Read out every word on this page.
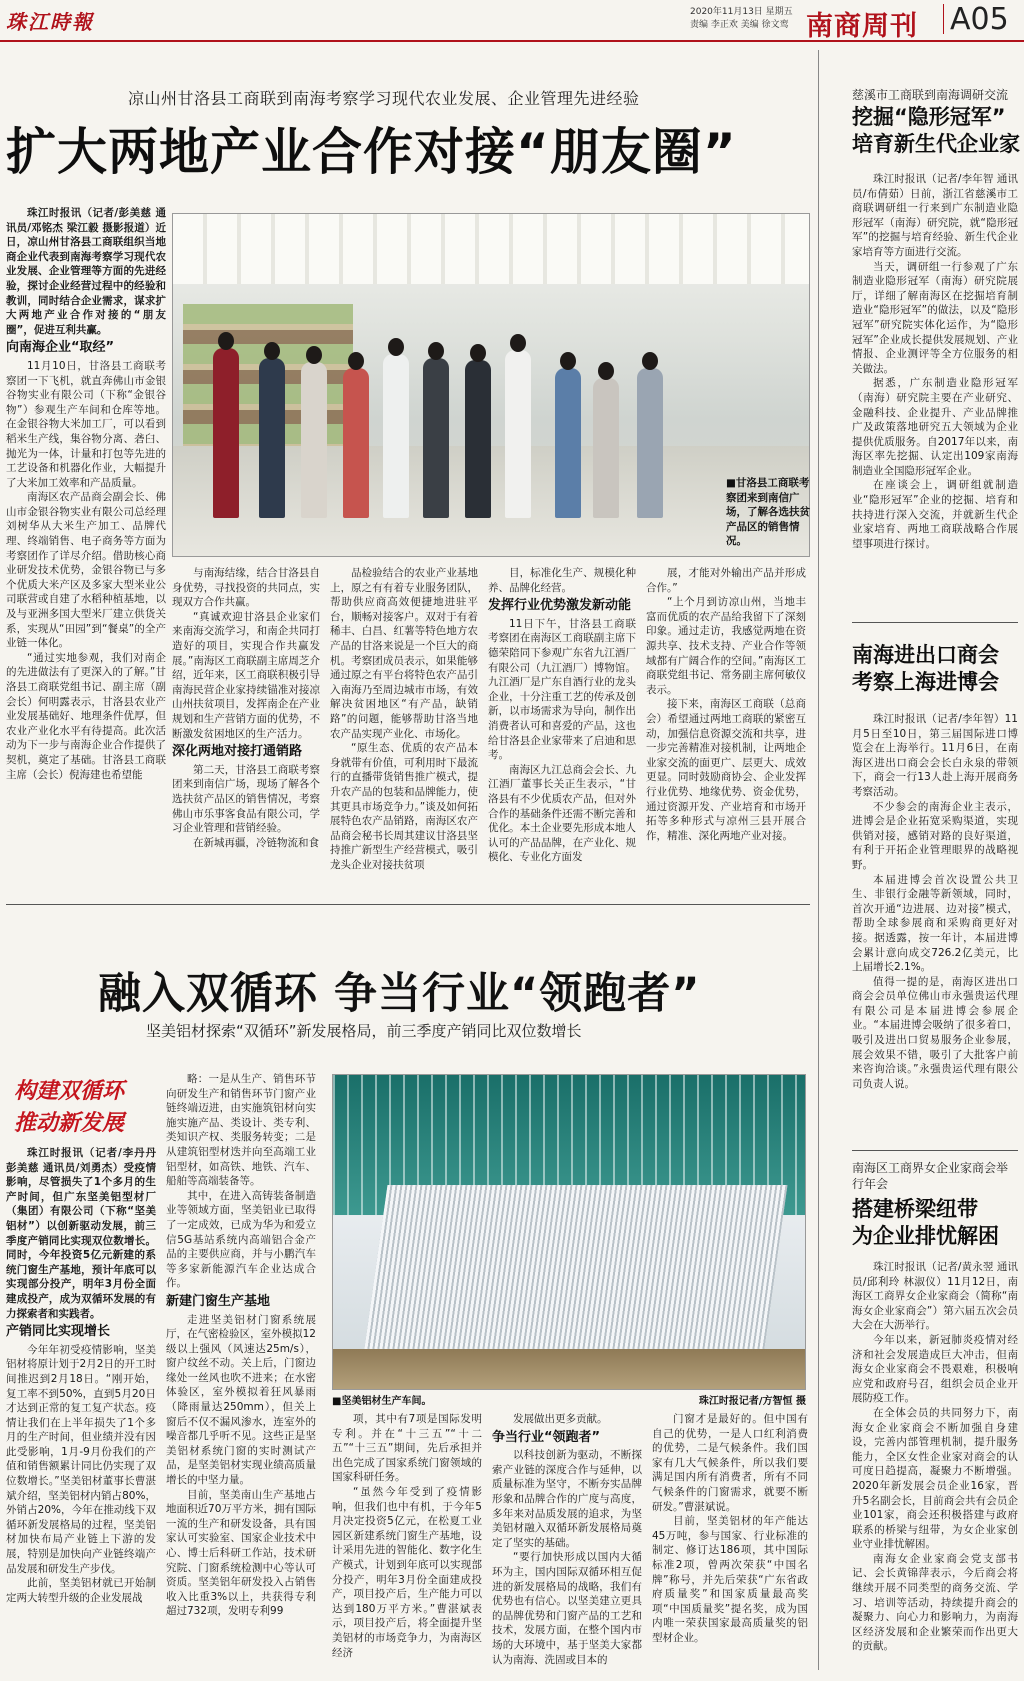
珠江時報	2020年11月13日 星期五
责编 李正欢 美编 徐文鸾 南商周刊 A05
凉山州甘洛县工商联到南海考察学习现代农业发展、企业管理先进经验
扩大两地产业合作对接“朋友圈”

珠江时报讯（记者/彭美慈 通讯员/邓铭杰 梁江毅 摄影报道）近日，凉山州甘洛县工商联组织当地商企业代表到南海考察学习现代农业发展、企业管理等方面的先进经验，探讨企业经营过程中的经验和教训，同时结合企业需求，谋求扩大两地产业合作对接的“朋友圈”，促进互利共赢。

向南海企业“取经”

11月10日，甘洛县工商联考察团一下飞机，就直奔佛山市金银谷物实业有限公司（下称“金银谷物”）参观生产车间和仓库等地。在金银谷物大米加工厂，可以看到稻米生产线，集谷物分离、砻臼、抛光为一体，计量和打包等先进的工艺设备和机器化作业，大幅提升了大米加工效率和产品质量。

南海区农产品商会副会长、佛山市金银谷物实业有限公司总经理刘树华从大米生产加工、品牌代理、终端销售、电子商务等方面为考察团作了详尽介绍。借助核心商业研发技术优势，金银谷物已与多个优质大米产区及多家大型米业公司联营或自建了水稻种植基地，以及与亚洲多国大型米厂建立供货关系，实现从“田园”到“餐桌”的全产业链一体化。

“通过实地参观，我们对南企的先进做法有了更深入的了解。”甘洛县工商联党组书记、副主席（副会长）何明露表示，甘洛县农业产业发展基础好、地理条件优厚，但农业产业化水平有待提高。此次活动为下一步与南海企业合作提供了契机，奠定了基础。甘洛县工商联主席（会长）倪海建也希望能

■甘洛县工商联考察团来到南信广场，了解各选扶贫产品区的销售情况。

与南海结缘，结合甘洛县自身优势，寻找投资的共同点，实现双方合作共赢。

“真诚欢迎甘洛县企业家们来南海交流学习，和南企共同打造好的项目，实现合作共赢发展。”南海区工商联副主席周芝介绍，近年来，区工商联积极引导南海民营企业家持续锚准对接凉山州扶贫项目，发挥南企在产业规划和生产营销方面的优势，不断激发贫困地区的生产活力。

深化两地对接打通销路

第二天，甘洛县工商联考察团来到南信广场，现场了解各个选扶贫产品区的销售情况，考察佛山市乐事客食品有限公司，学习企业管理和营销经验。

在新城再疆，冷链物流和食

品检验结合的农业产业基地上，原之有有着专业服务团队，帮助供应商高效便捷地进驻平台，顺畅对接客户。双对于有着稀丰、白昌、红薯等特色地方农产品的甘洛来说是一个巨大的商机。考察团成员表示，如果能够通过原之有平台将特色农产品引入南海乃至周边城市市场，有效解决贫困地区“有产品，缺销路”的问题，能够帮助甘洛当地农产品实现产业化、市场化。

“原生态、优质的农产品本身就带有价值，可利用时下最流行的直播带货销售推广模式，提升农产品的包装和品牌能力，使其更具市场竞争力。”谈及如何拓展特色农产品销路，南海区农产品商会秘书长周其建议甘洛县坚持推广新型生产经营模式，吸引龙头企业对接扶贫项

目，标准化生产、规模化种养、品牌化经营。

发挥行业优势激发新动能

11日下午，甘洛县工商联考察团在南海区工商联副主席下德荣陪同下参观广东省九江酒厂有限公司（九江酒厂）博物馆。九江酒厂是广东自酒行业的龙头企业，十分注重工艺的传承及创新，以市场需求为导向，制作出消费者认可和喜爱的产品，这也给甘洛县企业家带来了启迪和思考。

南海区九江总商会会长、九江酒厂董事长关正生表示，“甘洛县有不少优质农产品，但对外合作的基础条件还需不断完善和优化。本土企业要先形成本地人认可的产品品牌，在产业化、规模化、专业化方面发

展，才能对外输出产品并形成合作。”

“上个月到访凉山州，当地丰富而优质的农产品给我留下了深刻印象。通过走访，我感觉两地在资源共享、技术支持、产业合作等领域都有广阔合作的空间。”南海区工商联党组书记、常务副主席何敏仪表示。

接下来，南海区工商联（总商会）希望通过两地工商联的紧密互动，加强信息资源交流和共享，进一步完善精准对接机制，让两地企业家交流的面更广、层更大、成效更显。同时鼓励商协会、企业发挥行业优势、地缘优势、资金优势，通过资源开发、产业培育和市场开拓等多种形式与凉州三县开展合作，精准、深化两地产业对接。

融入双循环 争当行业“领跑者”
坚美铝材探索“双循环”新发展格局，前三季度产销同比双位数增长
构建双循环
推动新发展

珠江时报讯（记者/李丹丹 彭美慈 通讯员/刘勇杰）受疫情影响，尽管损失了1个多月的生产时间，但广东坚美铝型材厂（集团）有限公司（下称“坚美铝材”）以创新驱动发展，前三季度产销同比实现双位数增长。同时，今年投资5亿元新建的系统门窗生产基地，预计年底可以实现部分投产，明年3月份全面建成投产，成为双循环发展的有力探索者和实践者。

产销同比实现增长

今年年初受疫情影响，坚美铝材将原计划于2月2日的开工时间推迟到2月18日。“刚开始，复工率不到50%，直到5月20日才达到正常的复工复产状态。疫情让我们在上半年损失了1个多月的生产时间，但业绩并没有因此受影响，1月-9月份我们的产值和销售额累计同比仍实现了双位数增长。”坚美铝材董事长曹湛斌介绍，坚美铝材内销占80%，外销占20%，今年在推动线下双循环新发展格局的过程，坚美铝材加快布局产业链上下游的发展，特别是加快向产业链终端产品发展和研发生产步伐。

此前，坚美铝材就已开始制定两大转型升级的企业发展战

略：一是从生产、销售环节向研发生产和销售环节门窗产业链终端迈进，由实施筑铝材向实施实施产品、类设计、类专利、类知识产权、类服务转变；二是从建筑铝型材迭并向至高端工业铝型材，如高铁、地铁、汽车、船舶等高端装备等。

其中，在进入高铸装备制造业等领域方面，坚美铝业已取得了一定成效，已成为华为和爱立信5G基站系统内高端铝合金产品的主要供应商，并与小鹏汽车等多家新能源汽车企业达成合作。

新建门窗生产基地

走进坚美铝材门窗系统展厅，在气密检验区，室外模拟12级以上强风（风速达25m/s），窗户纹丝不动。关上后，门窗边缘处一丝风也吹不进来；在水密体验区，室外模拟着狂风暴雨（降雨量达250mm），但关上窗后不仅不漏风渗水，连室外的噪音都几乎听不见。这些正是坚美铝材系统门窗的实时测试产品，是坚美铝材实现业绩高质量增长的中坚力量。

目前，坚美南山生产基地占地面积近70万平方米，拥有国际一流的生产和研发设备，具有国家认可实验室、国家企业技术中心、博士后科研工作站，技术研究院、门窗系统检测中心等认可资质。坚美铝年研发投入占销售收入比重3%以上，共获得专利超过732项，发明专利99

■坚美铝材生产车间。	珠江时报记者/方智恒 摄

项，其中有7项是国际发明专利。并在“十三五”“十二五”“十三五”期间，先后承担并出色完成了国家系统门窗领域的国家科研任务。

“虽然今年受到了疫情影响，但我们也中有机，于今年5月决定投资5亿元，在松夏工业园区新建系统门窗生产基地，设计采用先进的智能化、数字化生产模式，计划到年底可以实现部分投产，明年3月份全面建成投产，项目投产后，生产能力可以达到180万平方米。”曹湛斌表示，项目投产后，将全面提升坚美铝材的市场竞争力，为南海区经济

发展做出更多贡献。

争当行业“领跑者”

以科技创新为驱动，不断探索产业链的深度合作与延伸，以质量标准为坚守，不断夯实品牌形象和品牌合作的广度与高度，多年来对品质发展的追求，为坚美铝材融入双循环新发展格局奠定了坚实的基础。

“要行加快形成以国内大循环为主，国内国际双循环相互促进的新发展格局的战略，我们有优势也有信心。以坚美建立更具的品牌优势和门窗产品的工艺和技术，发展方面，在整个国内市场的大环境中，基于坚美大家都认为南海、洗固或目本的

门窗才是最好的。但中国有自己的优势，一是人口红利消费的优势，二是气候条件。我们国家有几大气候条件，所以我们要满足国内所有消费者，所有不同气候条件的门窗需求，就要不断研发。”曹湛斌说。

目前，坚美铝材的年产能达45万吨，参与国家、行业标准的制定、修订达186项，其中国际标准2项，曾两次荣获“中国名牌”称号，并先后荣获“广东省政府质量奖”和国家质量最高奖项“中国质量奖”提名奖，成为国内唯一荣获国家最高质量奖的铝型材企业。

慈溪市工商联到南海调研交流
挖掘“隐形冠军”
培育新生代企业家

珠江时报讯（记者/李年智 通讯员/布倩茹）日前，浙江省慈溪市工商联调研组一行来到广东制造业隐形冠军（南海）研究院，就“隐形冠军”的挖掘与培育经验、新生代企业家培育等方面进行交流。

当天，调研组一行参观了广东制造业隐形冠军（南海）研究院展厅，详细了解南海区在挖掘培育制造业“隐形冠军”的做法，以及“隐形冠军”研究院实体化运作，为“隐形冠军”企业成长提供发展规划、产业情报、企业测评等全方位服务的相关做法。

据悉，广东制造业隐形冠军（南海）研究院主要在产业研究、金融科技、企业提升、产业品牌推广及政策落地研究五大领域为企业提供优质服务。自2017年以来，南海区率先挖掘、认定出109家南海制造业全国隐形冠军企业。

在座谈会上，调研组就制造业“隐形冠军”企业的挖掘、培育和扶持进行深入交流，并就新生代企业家培育、两地工商联战略合作展望事项进行探讨。

南海进出口商会
考察上海进博会

珠江时报讯（记者/李年智）11月5日至10日，第三届国际进口博览会在上海举行。11月6日，在南海区进出口商会会长白永泉的带领下，商会一行13人赴上海开展商务考察活动。

不少参会的南海企业主表示，进博会是企业拓宽采购渠道，实现供销对接，感销对路的良好渠道，有利于开拓企业管理眼界的战略视野。

本届进博会首次设置公共卫生、非银行金融等新领域，同时，首次开通“边进展、边对接”模式，帮助全球参展商和采购商更好对接。据透露，按一年计，本届进博会累计意向成交726.2亿美元，比上届增长2.1%。

值得一提的是，南海区进出口商会会员单位佛山市永强贵运代理有限公司是本届进博会参展企业。“本届进博会吸纳了很多着口，吸引及进出口贸易服务企业参展，展会效果不错，吸引了大批客户前来咨询洽谈。”永强贵运代理有限公司负责人说。

南海区工商界女企业家商会举行年会
搭建桥梁纽带
为企业排忧解困

珠江时报讯（记者/黄永翌 通讯员/邱利玲 林淑仪）11月12日，南海区工商界女企业家商会（简称“南海女企业家商会”）第六届五次会员大会在大沥举行。

今年以来，新冠肺炎疫情对经济和社会发展造成巨大冲击，但南海女企业家商会不畏艰难，积极响应党和政府号召，组织会员企业开展防疫工作。

在全体会员的共同努力下，南海女企业家商会不断加强自身建设，完善内部管理机制，提升服务能力，全区女性企业家对商会的认可度日趋提高，凝聚力不断增强。2020年新发展会员企业16家，晋升5名副会长，目前商会共有会员企业101家，商会还积极搭建与政府联系的桥梁与纽带，为女企业家创业守业排忧解困。

南海女企业家商会党支部书记、会长黄锦萍表示，今后商会将继续开展不同类型的商务交流、学习、培训等活动，持续提升商会的凝聚力、向心力和影响力，为南海区经济发展和企业繁荣而作出更大的贡献。
